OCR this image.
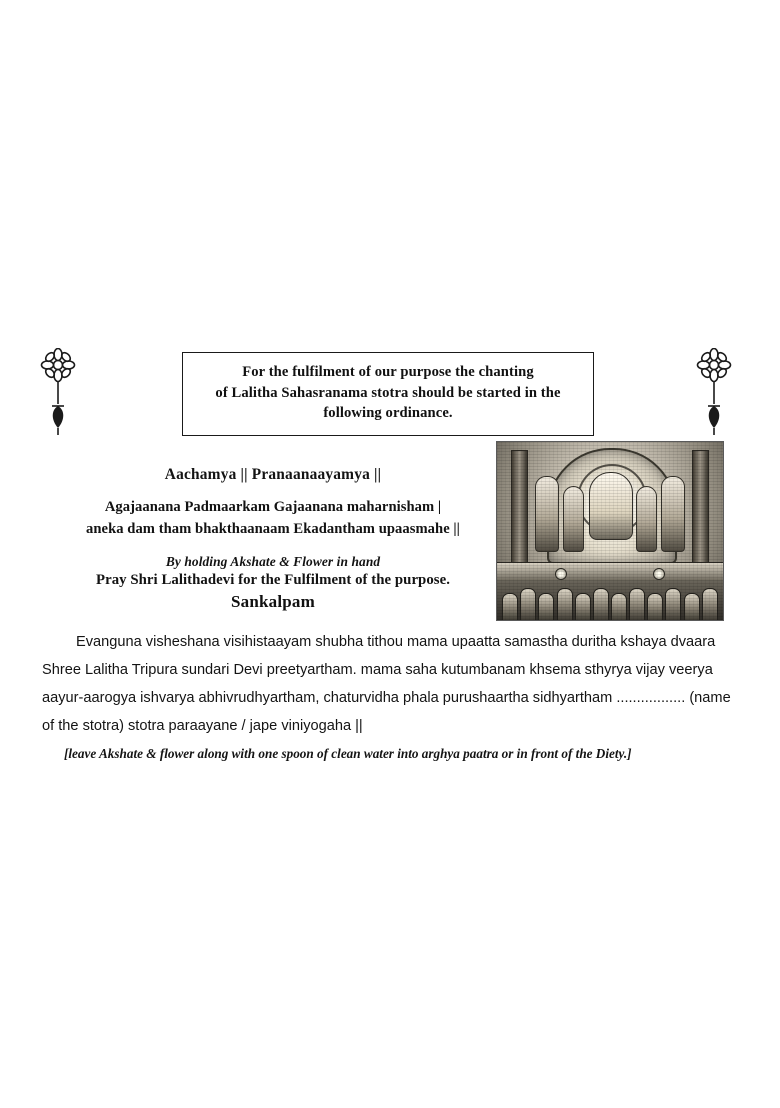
For the fulfilment of our purpose the chanting
of Lalitha Sahasranama stotra should be started in the
following ordinance.
Aachamya || Pranaanaayamya ||
Agajaanana Padmaarkam Gajaanana maharnisham |
aneka dam tham bhakthaanaam Ekadantham upaasmahe ||
By holding Akshate & Flower in hand
Pray Shri Lalithadevi for the Fulfilment of the purpose.
Sankalpam
Evanguna visheshana visihistaayam shubha tithou mama upaatta samastha duritha kshaya dvaara Shree Lalitha Tripura sundari Devi preetyartham. mama saha kutumbanam khsema sthyrya vijay veerya aayur-aarogya ishvarya abhivrudhyartham, chaturvidha phala purushaartha sidhyartham ................. (name of the stotra) stotra paraayane / jape viniyogaha ||
[leave Akshate & flower along with one spoon of clean water into arghya paatra or in front of the Diety.]
